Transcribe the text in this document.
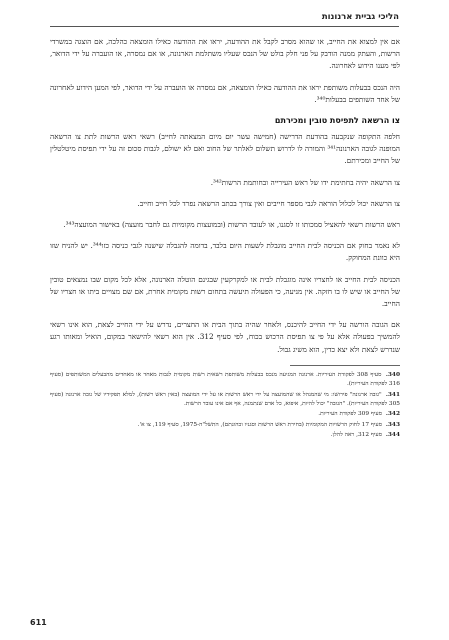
הליכי גביית ארנונות

אם אין למצוא את החייב, או שהוא מסרב לקבל את ההודעה, יראו את ההודעה כאילו הומצאה כהלכה, אם הוצגה במשרדי הרשות, והעתק ממנה הודבק על פני חלק בולט של הנכס שעליו משתלמת הארנונה, או אם נמסרה, או הועברה על ידי הדואר, לפי מענו הידוע לאחרונה.

היה הנכס בבעלות משותפת יראו את ההודעה כאילו הומצאה, אם נמסרה או הועברה על ידי הדואר, לפי המען הידוע לאחרונה של אחד השותפים בבעלות³⁴⁰.

צו הרשאה לתפיסת טובין ומכירתם

חלפה התקופה שנקבעה בהודעת הדרישה (חמישה עשר יום מיום המצאתה לחייב) רשאי ראש הרשות לתת צו הרשאה המופנה לגובה הארנונה³⁴¹ והמורה לו לדרוש תשלום לאלתר של החוב ואם לא ישולם, לגבות סכום זה על ידי תפיסת מיטלטלין של החייב ומכירתם.

צו הרשאה יהיה בחתימת ידו של ראש העירייה ובחותמת הרשות³⁴².

צו הרשאה יכול לכלול הוראה לגבי מספר חייבים ואין צורך בכתב הרשאה נפרד לכל חייב וחייב.

ראש הרשות רשאי להאציל סמכותו זו לסגנו, או לעובד הרשות (ובמועצות מקומיות גם לחבר מועצה) באישור המועצה³⁴³.

לא נאמר בחוק אם הכניסה לבית החייב מוגבלת לשעות היום בלבד, בדומה להגבלה שישנה לגבי כניסה כזו³⁴⁴. יש להניח שזו היא כוונת המחוקק.

הכניסה לבית החייב או לחצריו אינה מוגבלת לבית או למקרקעין שבגינם הוטלה הארנונה, אלא לכל מקום שבו נמצאים טובין של החייב או שיש לו בו חזקה. אין מניעה, כי הפעולה תיעשה בתחום רשות מקומית אחרת, אם שם מצויים ביתו או חצריו של החייב.

אם הגובה הורשה על ידי החייב להיכנס, ולאחר שהיה בתוך הבית או החצרים, נדרש על ידי החייב לצאת, הוא אינו רשאי להמשיך בפעולה אלא על פי צו תפיסת הרכוש בכוח, לפי סעיף 312. אין הוא רשאי להישאר במקום, הואיל ומאותו רגע שנדרש לצאת ולא יצא כדין, הוא משיג גבול.

340. סעיף 308 לפקודת העיריות. ארנונה המגיעה מנכס בבעלות משותפת רשאית רשות מקומית לגבות מאחד או מאחדים מהבעלים המשותפים (סעיף 316 לפקודת העיריות).

341. "גובה ארנונה" פירושו: מי שהמנהל או שהמועצה על ידי ראש הרשות או על ידי המועצה (באין ראש רשות), למלא תפקידיו של גובה ארנונה (סעיף 305 לפקודת העיריות). "הגובה" יכול להיות, איפוא, כל אדם שנתמנה, אף אם אינו עובד הרשות.

342. סעיף 309 לפקודת העיריות.

343. סעיף 17 לחוק הרשויות המקומיות (בחירת ראש הרשות וסגניו וכהונתם), התשל"ה-1975, סעיף 119, צו א'.

344. סעיף 312, ראה להלן.

611
